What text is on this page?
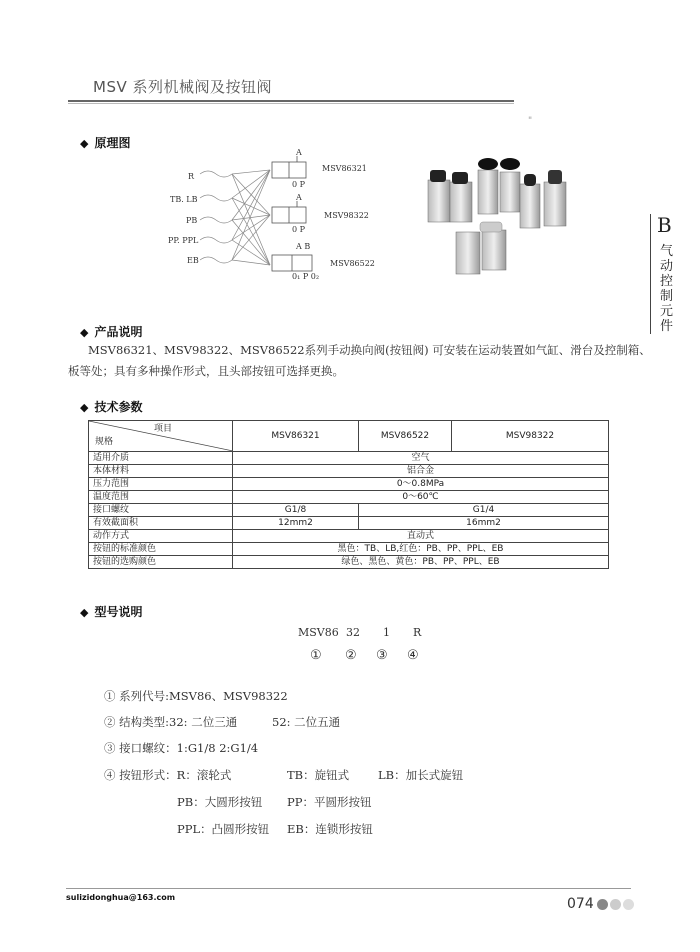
MSV 系列机械阀及按钮阀
"
B
气动控制元件
◆ 原理图
R
TB. LB
PB
PP. PPL
EB
A
0 P
MSV86321
A
0 P
MSV98322
A B
0₁ P 0₂
MSV86522
◆ 产品说明
MSV86321、MSV98322、MSV86522系列手动换向阀(按钮阀) 可安装在运动装置如气缸、滑台及控制箱、
板等处；具有多种操作形式，且头部按钮可选择更换。
◆ 技术参数
项目
规格	MSV86321	MSV86522	MSV98322
适用介质	空气		
本体材料	铝合金		
压力范围	0～0.8MPa		
温度范围	0～60℃		
接口螺纹	G1/8	G1/4	
有效截面积	12mm2	16mm2	
动作方式	直动式		
按钮的标准颜色	黑色：TB、LB,红色：PB、PP、PPL、EB		
按钮的选购颜色	绿色、黑色、黄色：PB、PP、PPL、EB		
◆ 型号说明
MSV86 32 1 R
① ② ③ ④
① 系列代号:MSV86、MSV98322
② 结构类型:32: 二位三通	52: 二位五通
③ 接口螺纹：1:G1/8 2:G1/4
④ 按钮形式：R：滚轮式	TB：旋钮式	LB：加长式旋钮
PB：大圆形按钮 PP：平圆形按钮
PPL：凸圆形按钮 EB：连锁形按钮
sulizidonghua@163.com	074
